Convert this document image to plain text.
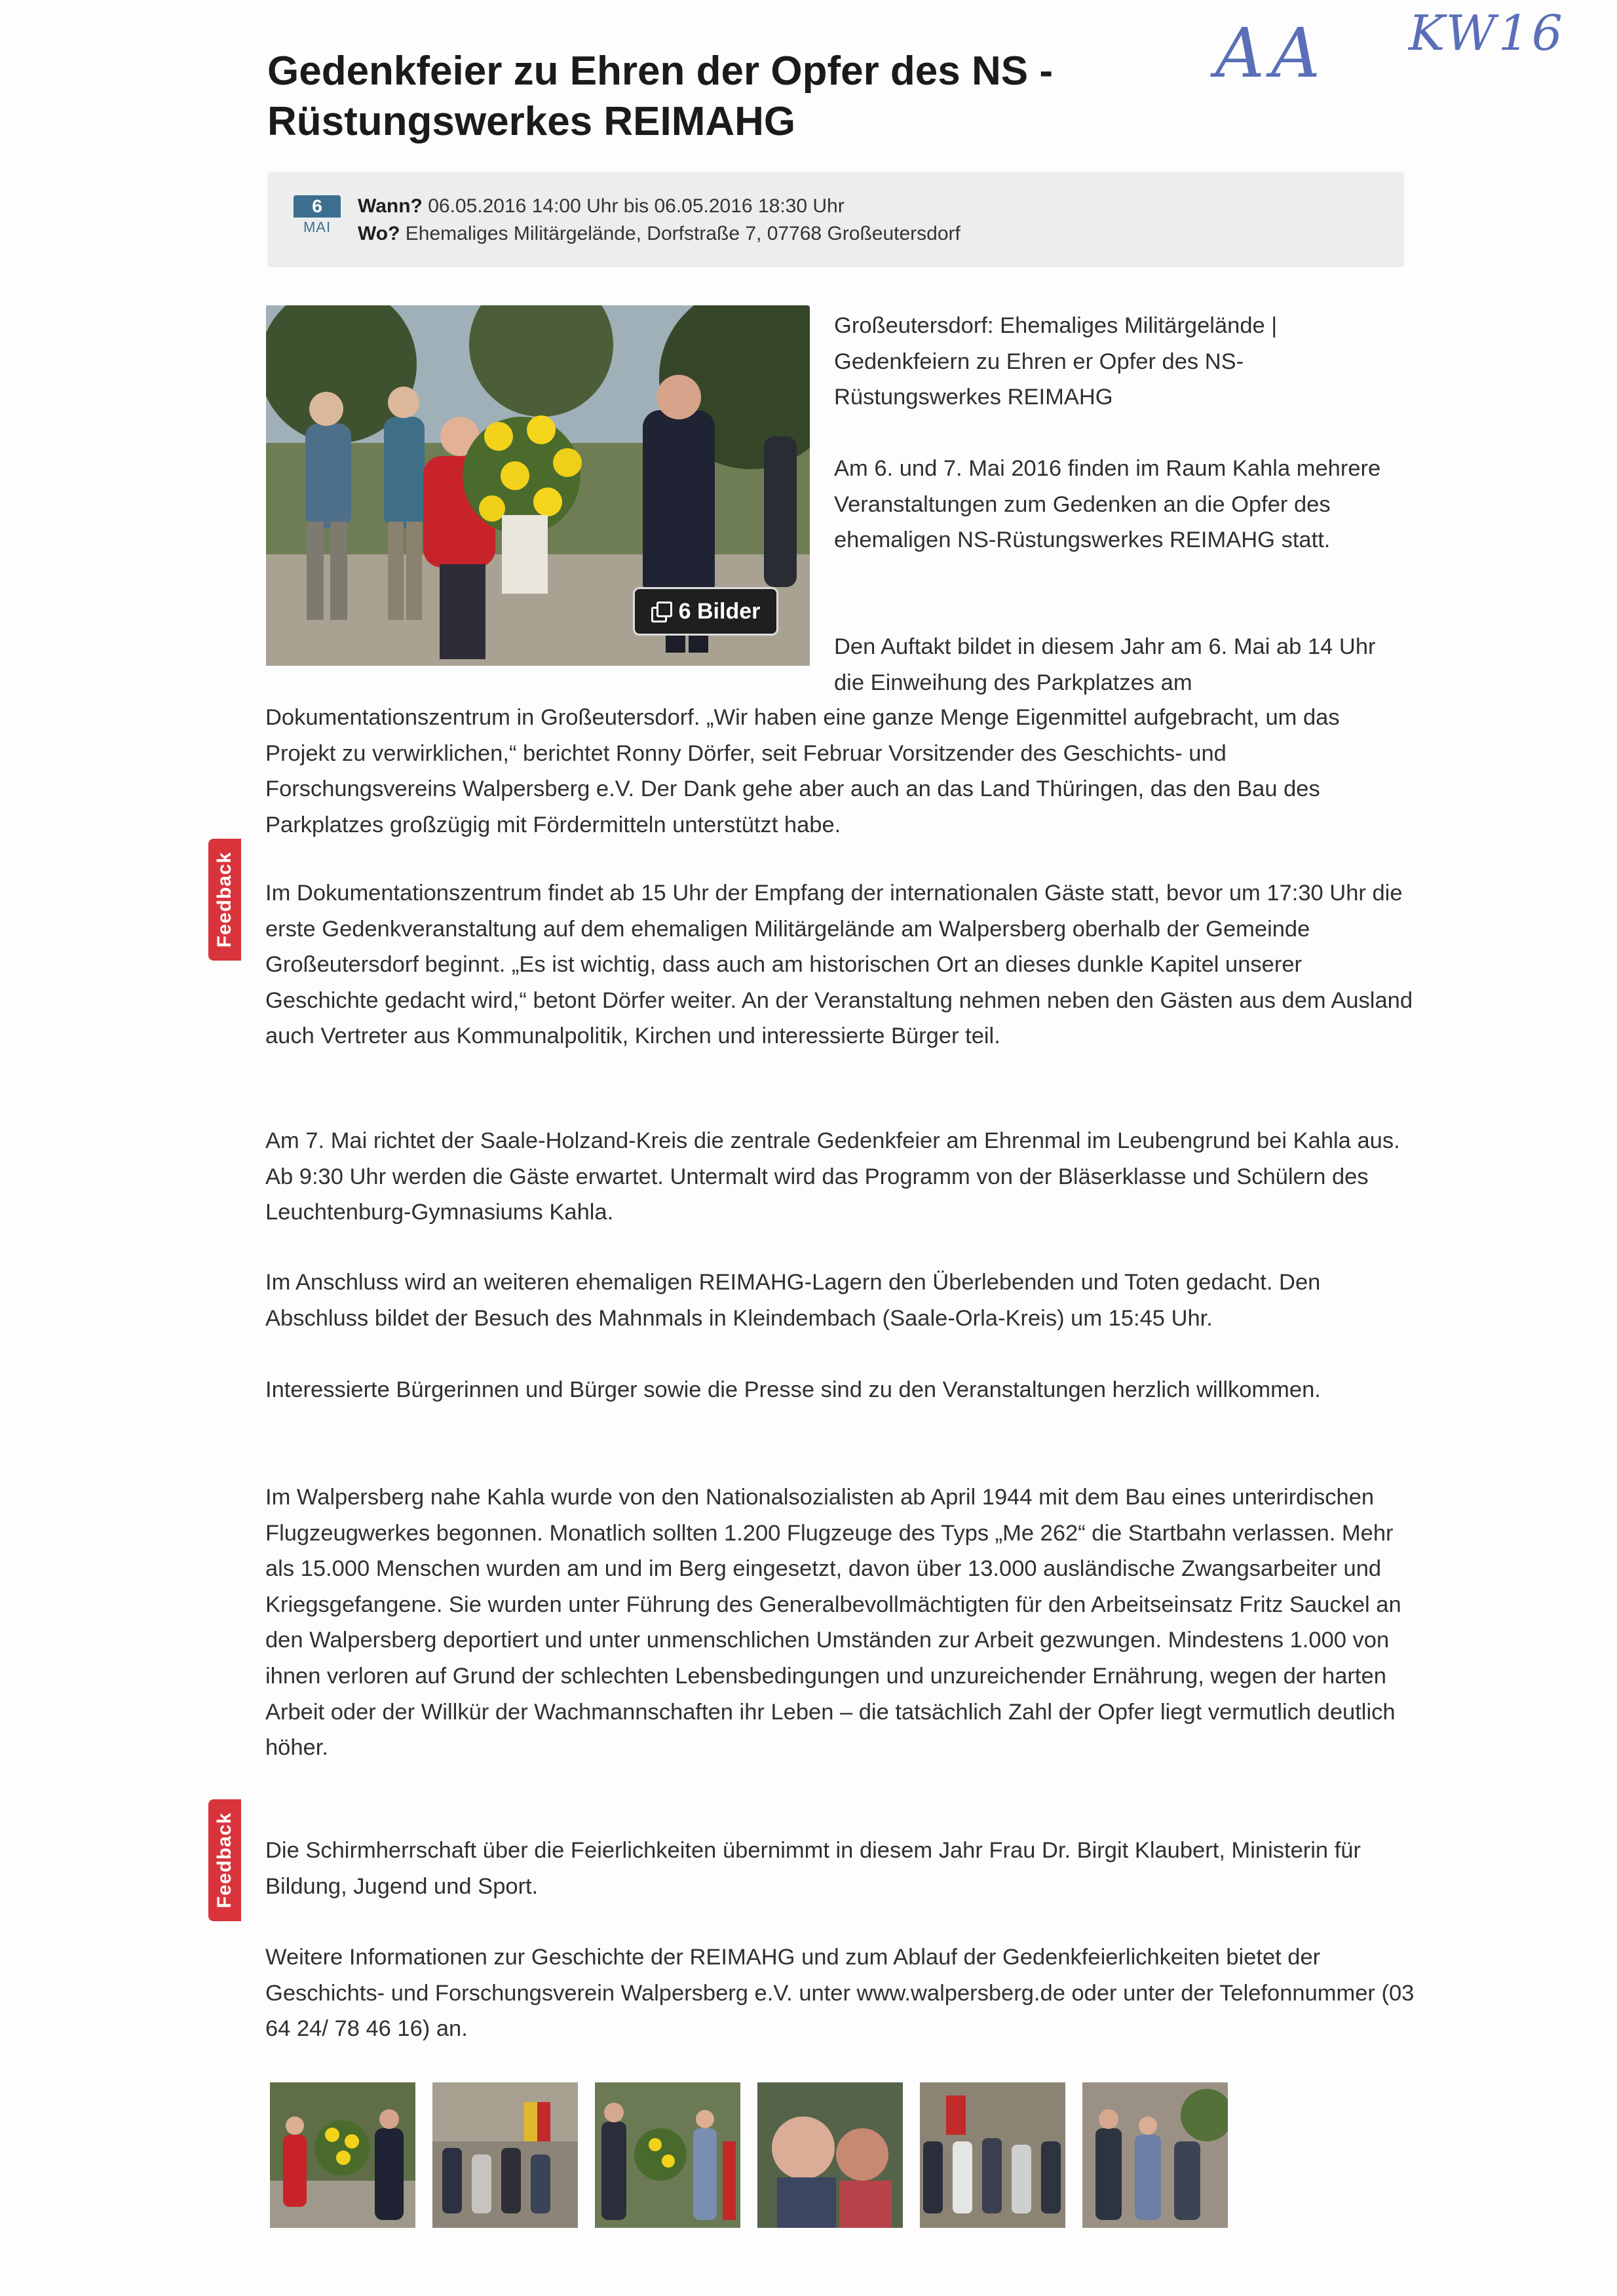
AA KW16
Gedenkfeier zu Ehren der Opfer des NS - Rüstungswerkes REIMAHG
6
MAI
Wann? 06.05.2016 14:00 Uhr bis 06.05.2016 18:30 Uhr
Wo? Ehemaliges Militärgelände, Dorfstraße 7, 07768 Großeutersdorf
6 Bilder

Großeutersdorf: Ehemaliges Militärgelände | Gedenkfeiern zu Ehren er Opfer des NS-Rüstungswerkes REIMAHG

Am 6. und 7. Mai 2016 finden im Raum Kahla mehrere Veranstaltungen zum Gedenken an die Opfer des ehemaligen NS-Rüstungswerkes REIMAHG statt.

Den Auftakt bildet in diesem Jahr am 6. Mai ab 14 Uhr die Einweihung des Parkplatzes am

Dokumentationszentrum in Großeutersdorf. „Wir haben eine ganze Menge Eigenmittel aufgebracht, um das Projekt zu verwirklichen,“ berichtet Ronny Dörfer, seit Februar Vorsitzender des Geschichts- und Forschungsvereins Walpersberg e.V. Der Dank gehe aber auch an das Land Thüringen, das den Bau des Parkplatzes großzügig mit Fördermitteln unterstützt habe.

Im Dokumentationszentrum findet ab 15 Uhr der Empfang der internationalen Gäste statt, bevor um 17:30 Uhr die erste Gedenkveranstaltung auf dem ehemaligen Militärgelände am Walpersberg oberhalb der Gemeinde Großeutersdorf beginnt. „Es ist wichtig, dass auch am historischen Ort an dieses dunkle Kapitel unserer Geschichte gedacht wird,“ betont Dörfer weiter. An der Veranstaltung nehmen neben den Gästen aus dem Ausland auch Vertreter aus Kommunalpolitik, Kirchen und interessierte Bürger teil.

Am 7. Mai richtet der Saale-Holzand-Kreis die zentrale Gedenkfeier am Ehrenmal im Leubengrund bei Kahla aus. Ab 9:30 Uhr werden die Gäste erwartet. Untermalt wird das Programm von der Bläserklasse und Schülern des Leuchtenburg-Gymnasiums Kahla.

Im Anschluss wird an weiteren ehemaligen REIMAHG-Lagern den Überlebenden und Toten gedacht. Den Abschluss bildet der Besuch des Mahnmals in Kleindembach (Saale-Orla-Kreis) um 15:45 Uhr.

Interessierte Bürgerinnen und Bürger sowie die Presse sind zu den Veranstaltungen herzlich willkommen.

Im Walpersberg nahe Kahla wurde von den Nationalsozialisten ab April 1944 mit dem Bau eines unterirdischen Flugzeugwerkes begonnen. Monatlich sollten 1.200 Flugzeuge des Typs „Me 262“ die Startbahn verlassen. Mehr als 15.000 Menschen wurden am und im Berg eingesetzt, davon über 13.000 ausländische Zwangsarbeiter und Kriegsgefangene. Sie wurden unter Führung des Generalbevollmächtigten für den Arbeitseinsatz Fritz Sauckel an den Walpersberg deportiert und unter unmenschlichen Umständen zur Arbeit gezwungen. Mindestens 1.000 von ihnen verloren auf Grund der schlechten Lebensbedingungen und unzureichender Ernährung, wegen der harten Arbeit oder der Willkür der Wachmannschaften ihr Leben – die tatsächlich Zahl der Opfer liegt vermutlich deutlich höher.

Die Schirmherrschaft über die Feierlichkeiten übernimmt in diesem Jahr Frau Dr. Birgit Klaubert, Ministerin für Bildung, Jugend und Sport.

Weitere Informationen zur Geschichte der REIMAHG und zum Ablauf der Gedenkfeierlichkeiten bietet der Geschichts- und Forschungsverein Walpersberg e.V. unter www.walpersberg.de oder unter der Telefonnummer (03 64 24/ 78 46 16) an.

Feedback
Feedback
